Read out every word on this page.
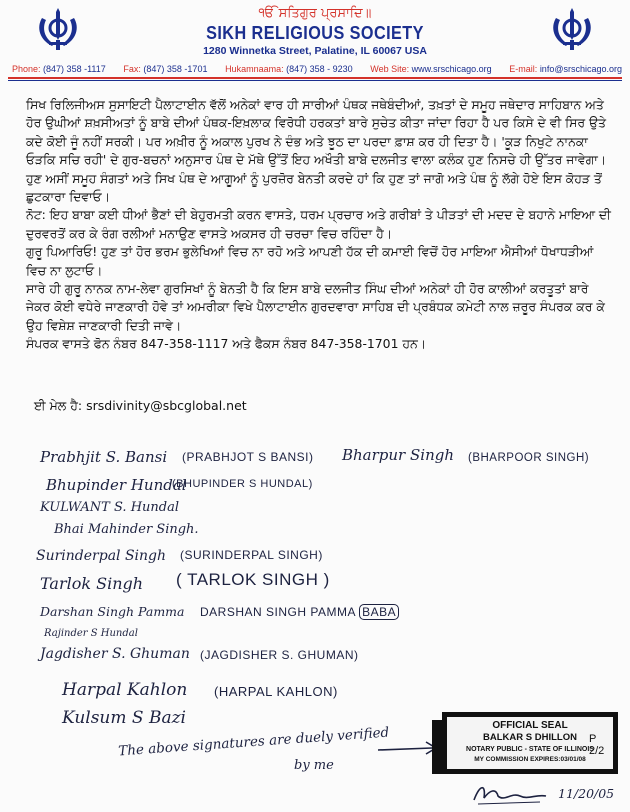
ੴ ਸਤਿਗੁਰ ਪ੍ਰਸਾਦਿ॥
SIKH RELIGIOUS SOCIETY
1280 Winnetka Street, Palatine, IL 60067 USA
Phone: (847) 358 -1117 Fax: (847) 358 -1701 Hukamnaama: (847) 358 - 9230 Web Site: www.srschicago.org E-mail: info@srschicago.org

ਸਿਖ ਰਿਲਿਜੀਅਸ ਸੁਸਾਇਟੀ ਪੈਲਾਟਾਈਨ ਵੱਲੋਂ ਅਨੇਕਾਂ ਵਾਰ ਹੀ ਸਾਰੀਆਂ ਪੰਥਕ ਜਥੇਬੰਦੀਆਂ, ਤਖ਼ਤਾਂ ਦੇ ਸਮੂਹ ਜਥੇਦਾਰ ਸਾਹਿਬਾਨ ਅਤੇ ਹੋਰ ਉਘੀਆਂ ਸ਼ਖ਼ਸੀਅਤਾਂ ਨੂੰ ਬਾਬੇ ਦੀਆਂ ਪੰਥਕ-ਇਖ਼ਲਾਕ ਵਿਰੋਧੀ ਹਰਕਤਾਂ ਬਾਰੇ ਸੁਚੇਤ ਕੀਤਾ ਜਾਂਦਾ ਰਿਹਾ ਹੈ ਪਰ ਕਿਸੇ ਦੇ ਵੀ ਸਿਰ ਉਤੇ ਕਦੇ ਕੋਈ ਜੂੰ ਨਹੀਂ ਸਰਕੀ। ਪਰ ਅਖ਼ੀਰ ਨੂੰ ਅਕਾਲ ਪੁਰਖ ਨੇ ਦੰਭ ਅਤੇ ਝੂਠ ਦਾ ਪਰਦਾ ਫ਼ਾਸ਼ ਕਰ ਹੀ ਦਿਤਾ ਹੈ। 'ਕੂੜ ਨਿਖੁਟੇ ਨਾਨਕਾ ਓੜਕਿ ਸਚਿ ਰਹੀ' ਦੇ ਗੁਰ-ਬਚਨਾਂ ਅਨੁਸਾਰ ਪੰਥ ਦੇ ਮੱਥੇ ਉੱਤੋਂ ਇਹ ਅਖੌਤੀ ਬਾਬੇ ਦਲਜੀਤ ਵਾਲਾ ਕਲੰਕ ਹੁਣ ਨਿਸਚੇ ਹੀ ਉੱਤਰ ਜਾਵੇਗਾ।

ਹੁਣ ਅਸੀਂ ਸਮੂਹ ਸੰਗਤਾਂ ਅਤੇ ਸਿਖ ਪੰਥ ਦੇ ਆਗੂਆਂ ਨੂੰ ਪੁਰਜ਼ੋਰ ਬੇਨਤੀ ਕਰਦੇ ਹਾਂ ਕਿ ਹੁਣ ਤਾਂ ਜਾਗੋ ਅਤੇ ਪੰਥ ਨੂੰ ਲੱਗੇ ਹੋਏ ਇਸ ਕੋਹੜ ਤੋਂ ਛੁਟਕਾਰਾ ਦਿਵਾਓ।

ਨੋਟ: ਇਹ ਬਾਬਾ ਕਈ ਧੀਆਂ ਭੈਣਾਂ ਦੀ ਬੇਹੁਰਮਤੀ ਕਰਨ ਵਾਸਤੇ, ਧਰਮ ਪ੍ਰਚਾਰ ਅਤੇ ਗਰੀਬਾਂ ਤੇ ਪੀੜਤਾਂ ਦੀ ਮਦਦ ਦੇ ਬਹਾਨੇ ਮਾਇਆ ਦੀ ਦੁਰਵਰਤੋਂ ਕਰ ਕੇ ਰੰਗ ਰਲੀਆਂ ਮਨਾਉਣ ਵਾਸਤੇ ਅਕਸਰ ਹੀ ਚਰਚਾ ਵਿਚ ਰਹਿੰਦਾ ਹੈ।

ਗੁਰੂ ਪਿਆਰਿਓ! ਹੁਣ ਤਾਂ ਹੋਰ ਭਰਮ ਭੁਲੇਖਿਆਂ ਵਿਚ ਨਾ ਰਹੋ ਅਤੇ ਆਪਣੀ ਹੱਕ ਦੀ ਕਮਾਈ ਵਿਚੋਂ ਹੋਰ ਮਾਇਆ ਐਸੀਆਂ ਧੋਖਾਧੜੀਆਂ ਵਿਚ ਨਾ ਲੁਟਾਓ।

ਸਾਰੇ ਹੀ ਗੁਰੂ ਨਾਨਕ ਨਾਮ-ਲੇਵਾ ਗੁਰਸਿਖਾਂ ਨੂੰ ਬੇਨਤੀ ਹੈ ਕਿ ਇਸ ਬਾਬੇ ਦਲਜੀਤ ਸਿੰਘ ਦੀਆਂ ਅਨੇਕਾਂ ਹੀ ਹੋਰ ਕਾਲੀਆਂ ਕਰਤੂਤਾਂ ਬਾਰੇ ਜੇਕਰ ਕੋਈ ਵਧੇਰੇ ਜਾਣਕਾਰੀ ਹੋਵੇ ਤਾਂ ਅਮਰੀਕਾ ਵਿਖੇ ਪੈਲਾਟਾਈਨ ਗੁਰਦਵਾਰਾ ਸਾਹਿਬ ਦੀ ਪ੍ਰਬੰਧਕ ਕਮੇਟੀ ਨਾਲ ਜ਼ਰੂਰ ਸੰਪਰਕ ਕਰ ਕੇ ਉਹ ਵਿਸ਼ੇਸ਼ ਜਾਣਕਾਰੀ ਦਿਤੀ ਜਾਵੇ।

ਸੰਪਰਕ ਵਾਸਤੇ ਫੋਨ ਨੰਬਰ 847-358-1117 ਅਤੇ ਫੈਕਸ ਨੰਬਰ 847-358-1701 ਹਨ।

ਈ ਮੇਲ ਹੈ: srsdivinity@sbcglobal.net
Prabhjit S. Bansi (PRABHJOT S BANSI) Bharpur Singh (BHARPOOR SINGH)
Bhupinder Hundal
(BHUPINDER S HUNDAL)
KULWANT S. Hundal
Bhai Mahinder Singh.
Surinderpal Singh (SURINDERPAL SINGH)
Tarlok Singh ( TARLOK SINGH )
Darshan Singh Pamma DARSHAN SINGH PAMMA BABA
Rajinder S Hundal
Jagdisher S. Ghuman (JAGDISHER S. GHUMAN)
Harpal Kahlon (HARPAL KAHLON)
Kulsum S Bazi
The above signatures are duely verified
by me
OFFICIAL SEAL
P 2/2
BALKAR S DHILLON
NOTARY PUBLIC - STATE OF ILLINOIS
MY COMMISSION EXPIRES:03/01/08
11/20/05
